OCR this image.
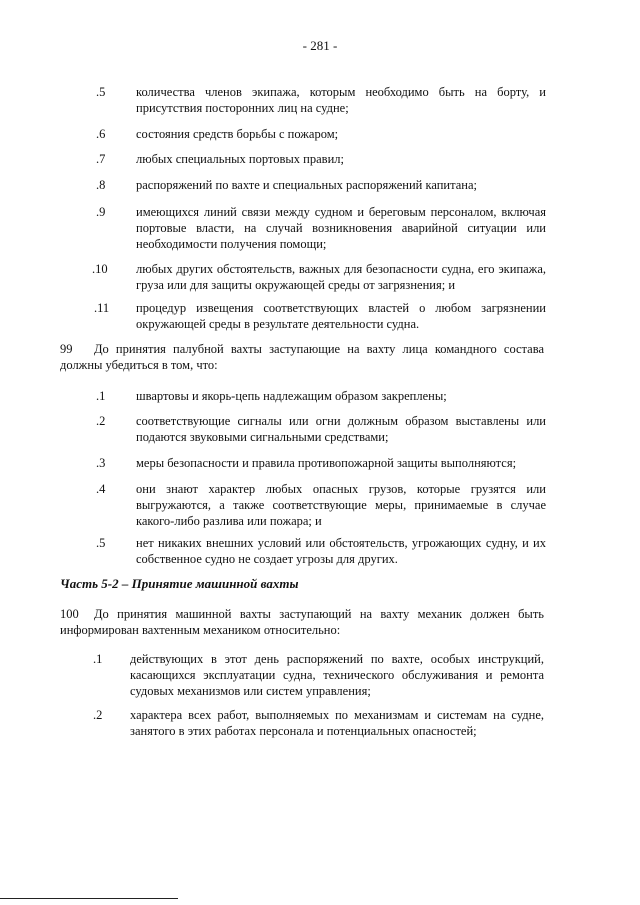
- 281 -
.5 количества членов экипажа, которым необходимо быть на борту, и присутствия посторонних лиц на судне;
.6 состояния средств борьбы с пожаром;
.7 любых специальных портовых правил;
.8 распоряжений по вахте и специальных распоряжений капитана;
.9 имеющихся линий связи между судном и береговым персоналом, включая портовые власти, на случай возникновения аварийной ситуации или необходимости получения помощи;
.10 любых других обстоятельств, важных для безопасности судна, его экипажа, груза или для защиты окружающей среды от загрязнения; и
.11 процедур извещения соответствующих властей о любом загрязнении окружающей среды в результате деятельности судна.
99 До принятия палубной вахты заступающие на вахту лица командного состава должны убедиться в том, что:
.1 швартовы и якорь-цепь надлежащим образом закреплены;
.2 соответствующие сигналы или огни должным образом выставлены или подаются звуковыми сигнальными средствами;
.3 меры безопасности и правила противопожарной защиты выполняются;
.4 они знают характер любых опасных грузов, которые грузятся или выгружаются, а также соответствующие меры, принимаемые в случае какого-либо разлива или пожара; и
.5 нет никаких внешних условий или обстоятельств, угрожающих судну, и их собственное судно не создает угрозы для других.
Часть 5-2 – Принятие машинной вахты
100 До принятия машинной вахты заступающий на вахту механик должен быть информирован вахтенным механиком относительно:
.1 действующих в этот день распоряжений по вахте, особых инструкций, касающихся эксплуатации судна, технического обслуживания и ремонта судовых механизмов или систем управления;
.2 характера всех работ, выполняемых по механизмам и системам на судне, занятого в этих работах персонала и потенциальных опасностей;
